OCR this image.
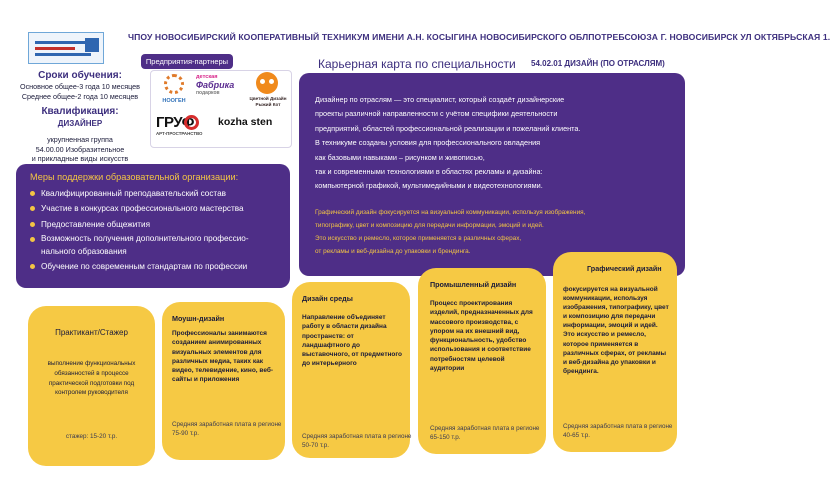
ЧПОУ НОВОСИБИРСКИЙ КООПЕРАТИВНЫЙ ТЕХНИКУМ ИМЕНИ А.Н. КОСЫГИНА НОВОСИБИРСКОГО ОБЛПОТРЕБСОЮЗА Г. НОВОСИБИРСК УЛ ОКТЯБРЬСКАЯ 1.
Сроки обучения:
Основное общее-3 года 10 месяцев
Среднее общее-2 года 10 месяцев
Квалификация:
ДИЗАЙНЕР
укрупненная группа
54.00.00 Изобразительное
и прикладные виды искусств
Предприятия-партнеры
НООГЕН
детская
Фабрика
подарков
Цветной Дизайн
Рыжий Кот
ГРУФ
АРТ-ПРОСТРАНСТВО
kozha sten
Карьерная карта по специальности 54.02.01 ДИЗАЙН (ПО ОТРАСЛЯМ)
Дизайнер по отраслям — это специалист, который создаёт дизайнерские
проекты различной направленности с учётом специфики деятельности
предприятий, областей профессиональной реализации и пожеланий клиента.
В техникуме созданы условия для профессионального овладения
как базовыми навыками – рисунком и живописью,
так и современными технологиями в областях рекламы и дизайна:
компьютерной графикой, мультимедийными и видеотехнологиями.
Графический дизайн фокусируется на визуальной коммуникации, используя изображения,
типографику, цвет и композицию для передачи информации, эмоций и идей.
Это искусство и ремесло, которое применяется в различных сферах,
от рекламы и веб-дизайна до упаковки и брендинга.
Меры поддержки образовательной организации:
Квалифицированный преподавательский состав
Участие в конкурсах профессионального мастерства
Предоставление общежития
Возможность получения дополнительного профессио-
нального образования
Обучение по современным стандартам по профессии
Практикант/Стажер
выполнение функциональных обязанностей в процессе практической подготовки под контролем руководителя
стажер: 15-20 т.р.
Моушн-дизайн
Профессионалы занимаются созданием анимированных визуальных элементов для различных медиа, таких как видео, телевидение, кино, веб-сайты и приложения
Средняя заработная плата в регионе 75-90 т.р.
Дизайн среды
Направление объединяет работу в области дизайна пространств: от ландшафтного до выставочного, от предметного до интерьерного
Средняя заработная плата в регионе 50-70 т.р.
Промышленный дизайн
Процесс проектирования изделий, предназначенных для массового производства, с упором на их внешний вид, функциональность, удобство использования и соответствие потребностям целевой аудитории
Средняя заработная плата в регионе 65-150 т.р.
Графический дизайн
фокусируется на визуальной коммуникации, используя изображения, типографику, цвет и композицию для передачи информации, эмоций и идей. Это искусство и ремесло, которое применяется в различных сферах, от рекламы и веб-дизайна до упаковки и брендинга.
Средняя заработная плата в регионе 40-65 т.р.
